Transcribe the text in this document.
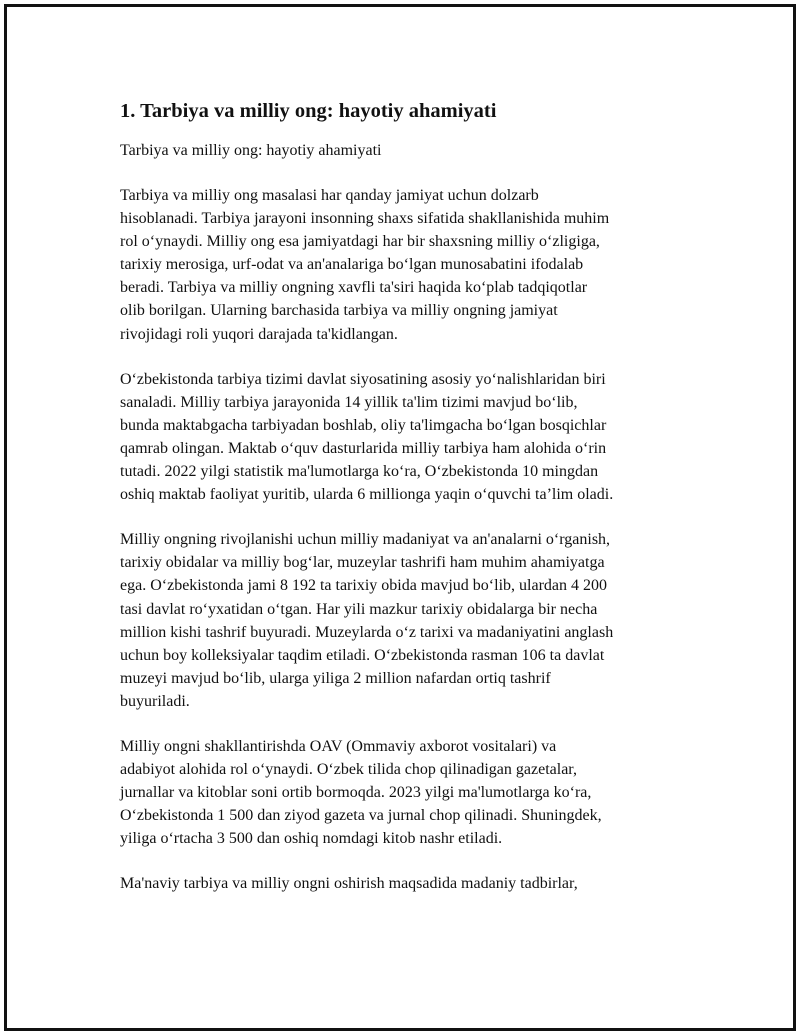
1. Tarbiya va milliy ong: hayotiy ahamiyati

Tarbiya va milliy ong: hayotiy ahamiyati

Tarbiya va milliy ong masalasi har qanday jamiyat uchun dolzarb
hisoblanadi. Tarbiya jarayoni insonning shaxs sifatida shakllanishida muhim
rol o‘ynaydi. Milliy ong esa jamiyatdagi har bir shaxsning milliy o‘zligiga,
tarixiy merosiga, urf-odat va an'analariga bo‘lgan munosabatini ifodalab
beradi. Tarbiya va milliy ongning xavfli ta'siri haqida ko‘plab tadqiqotlar
olib borilgan. Ularning barchasida tarbiya va milliy ongning jamiyat
rivojidagi roli yuqori darajada ta'kidlangan.

O‘zbekistonda tarbiya tizimi davlat siyosatining asosiy yo‘nalishlaridan biri
sanaladi. Milliy tarbiya jarayonida 14 yillik ta'lim tizimi mavjud bo‘lib,
bunda maktabgacha tarbiyadan boshlab, oliy ta'limgacha bo‘lgan bosqichlar
qamrab olingan. Maktab o‘quv dasturlarida milliy tarbiya ham alohida o‘rin
tutadi. 2022 yilgi statistik ma'lumotlarga ko‘ra, O‘zbekistonda 10 mingdan
oshiq maktab faoliyat yuritib, ularda 6 millionga yaqin o‘quvchi ta’lim oladi.

Milliy ongning rivojlanishi uchun milliy madaniyat va an'analarni o‘rganish,
tarixiy obidalar va milliy bog‘lar, muzeylar tashrifi ham muhim ahamiyatga
ega. O‘zbekistonda jami 8 192 ta tarixiy obida mavjud bo‘lib, ulardan 4 200
tasi davlat ro‘yxatidan o‘tgan. Har yili mazkur tarixiy obidalarga bir necha
million kishi tashrif buyuradi. Muzeylarda o‘z tarixi va madaniyatini anglash
uchun boy kolleksiyalar taqdim etiladi. O‘zbekistonda rasman 106 ta davlat
muzeyi mavjud bo‘lib, ularga yiliga 2 million nafardan ortiq tashrif
buyuriladi.

Milliy ongni shakllantirishda OAV (Ommaviy axborot vositalari) va
adabiyot alohida rol o‘ynaydi. O‘zbek tilida chop qilinadigan gazetalar,
jurnallar va kitoblar soni ortib bormoqda. 2023 yilgi ma'lumotlarga ko‘ra,
O‘zbekistonda 1 500 dan ziyod gazeta va jurnal chop qilinadi. Shuningdek,
yiliga o‘rtacha 3 500 dan oshiq nomdagi kitob nashr etiladi.

Ma'naviy tarbiya va milliy ongni oshirish maqsadida madaniy tadbirlar,
